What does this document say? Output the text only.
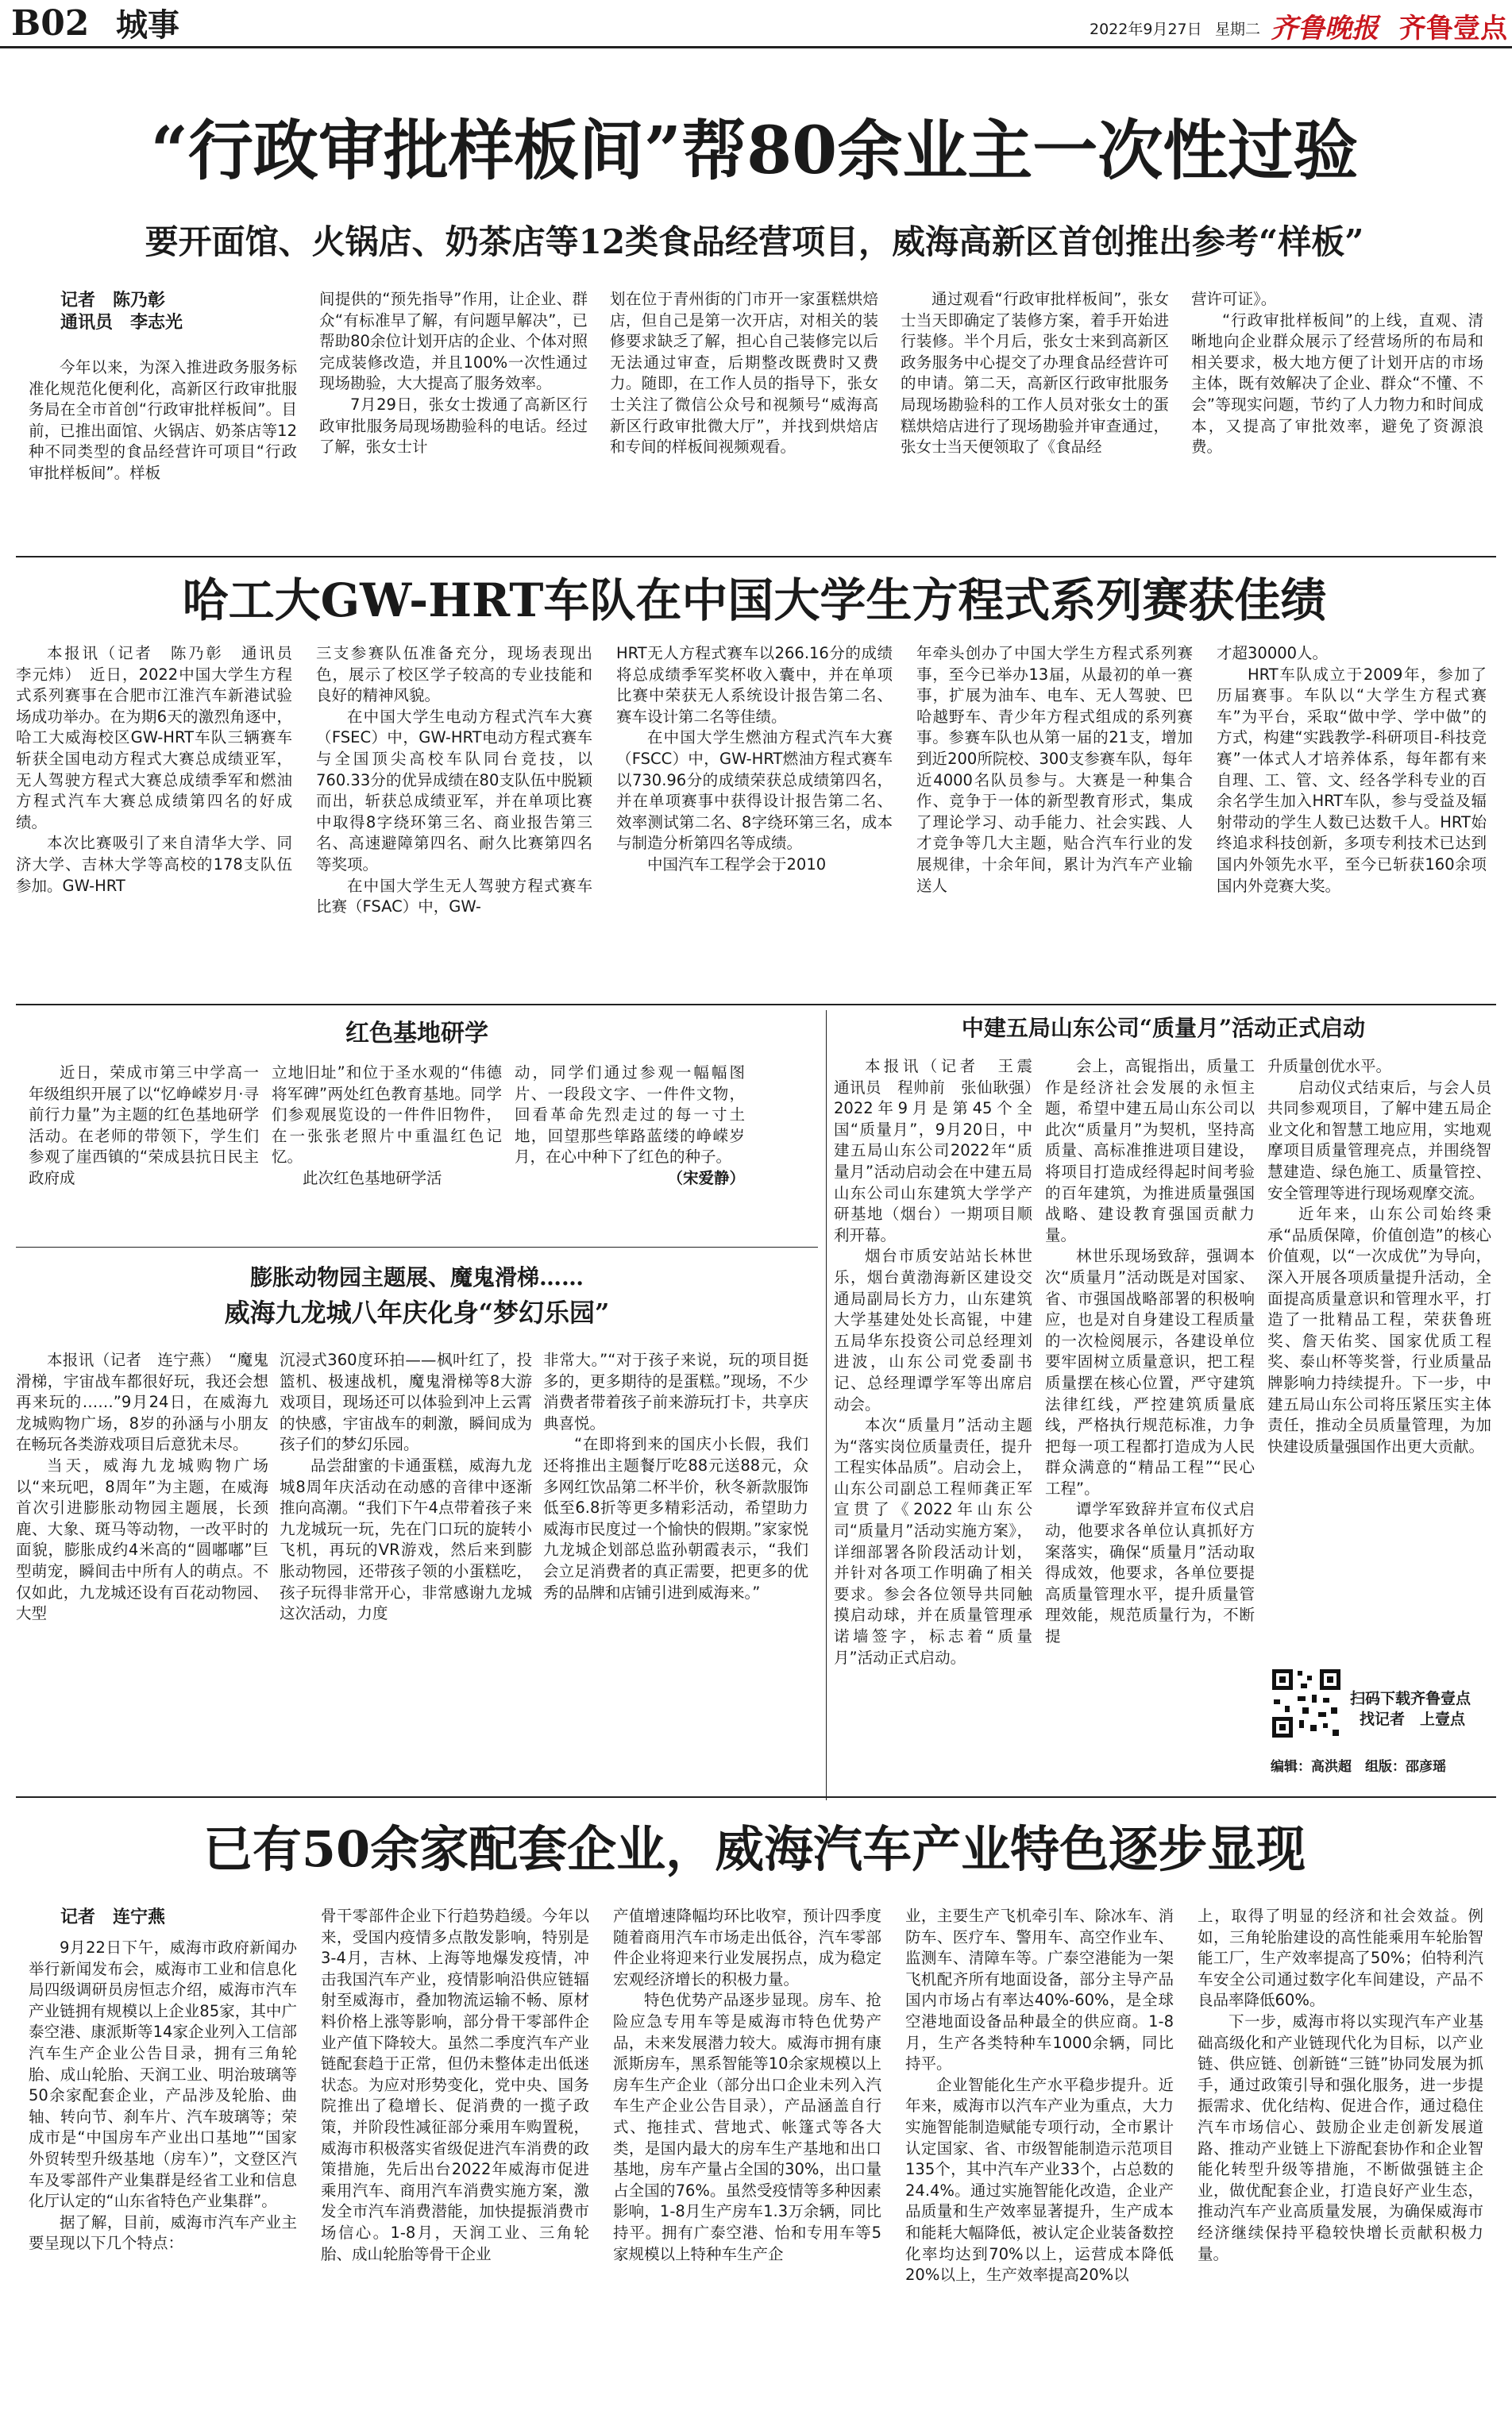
B02 城事	2022年9月27日 星期二 齐鲁晚报 齐鲁壹点
“行政审批样板间”帮80余业主一次性过验
要开面馆、火锅店、奶茶店等12类食品经营项目，威海高新区首创推出参考“样板”
记者　陈乃彰
通讯员　李志光

今年以来，为深入推进政务服务标准化规范化便利化，高新区行政审批服务局在全市首创“行政审批样板间”。目前，已推出面馆、火锅店、奶茶店等12种不同类型的食品经营许可项目“行政审批样板间”。样板

间提供的“预先指导”作用，让企业、群众“有标准早了解，有问题早解决”，已帮助80余位计划开店的企业、个体对照完成装修改造，并且100%一次性通过现场勘验，大大提高了服务效率。

7月29日，张女士拨通了高新区行政审批服务局现场勘验科的电话。经过了解，张女士计

划在位于青州街的门市开一家蛋糕烘焙店，但自己是第一次开店，对相关的装修要求缺乏了解，担心自己装修完以后无法通过审查，后期整改既费时又费力。随即，在工作人员的指导下，张女士关注了微信公众号和视频号“威海高新区行政审批微大厅”，并找到烘焙店和专间的样板间视频观看。

通过观看“行政审批样板间”，张女士当天即确定了装修方案，着手开始进行装修。半个月后，张女士来到高新区政务服务中心提交了办理食品经营许可的申请。第二天，高新区行政审批服务局现场勘验科的工作人员对张女士的蛋糕烘焙店进行了现场勘验并审查通过，张女士当天便领取了《食品经

营许可证》。

“行政审批样板间”的上线，直观、清晰地向企业群众展示了经营场所的布局和相关要求，极大地方便了计划开店的市场主体，既有效解决了企业、群众“不懂、不会”等现实问题，节约了人力物力和时间成本，又提高了审批效率，避免了资源浪费。

哈工大GW-HRT车队在中国大学生方程式系列赛获佳绩

本报讯（记者　陈乃彰　通讯员　李元炜）　近日，2022中国大学生方程式系列赛事在合肥市江淮汽车新港试验场成功举办。在为期6天的激烈角逐中，哈工大威海校区GW-HRT车队三辆赛车斩获全国电动方程式大赛总成绩亚军，无人驾驶方程式大赛总成绩季军和燃油方程式汽车大赛总成绩第四名的好成绩。

本次比赛吸引了来自清华大学、同济大学、吉林大学等高校的178支队伍参加。GW-HRT

三支参赛队伍准备充分，现场表现出色，展示了校区学子较高的专业技能和良好的精神风貌。

在中国大学生电动方程式汽车大赛（FSEC）中，GW-HRT电动方程式赛车与全国顶尖高校车队同台竞技，以760.33分的优异成绩在80支队伍中脱颖而出，斩获总成绩亚军，并在单项比赛中取得8字绕环第三名、商业报告第三名、高速避障第四名、耐久比赛第四名等奖项。

在中国大学生无人驾驶方程式赛车比赛（FSAC）中，GW-

HRT无人方程式赛车以266.16分的成绩将总成绩季军奖杯收入囊中，并在单项比赛中荣获无人系统设计报告第二名、赛车设计第二名等佳绩。

在中国大学生燃油方程式汽车大赛（FSCC）中，GW-HRT燃油方程式赛车以730.96分的成绩荣获总成绩第四名，并在单项赛事中获得设计报告第二名、效率测试第二名、8字绕环第三名，成本与制造分析第四名等成绩。

中国汽车工程学会于2010

年牵头创办了中国大学生方程式系列赛事，至今已举办13届，从最初的单一赛事，扩展为油车、电车、无人驾驶、巴哈越野车、青少年方程式组成的系列赛事。参赛车队也从第一届的21支，增加到近200所院校、300支参赛车队，每年近4000名队员参与。大赛是一种集合作、竞争于一体的新型教育形式，集成了理论学习、动手能力、社会实践、人才竞争等几大主题，贴合汽车行业的发展规律，十余年间，累计为汽车产业输送人

才超30000人。

HRT车队成立于2009年，参加了历届赛事。车队以“大学生方程式赛车”为平台，采取“做中学、学中做”的方式，构建“实践教学-科研项目-科技竞赛”一体式人才培养体系，每年都有来自理、工、管、文、经各学科专业的百余名学生加入HRT车队，参与受益及辐射带动的学生人数已达数千人。HRT始终追求科技创新，多项专利技术已达到国内外领先水平，至今已斩获160余项国内外竞赛大奖。

红色基地研学

近日，荣成市第三中学高一年级组织开展了以“忆峥嵘岁月·寻前行力量”为主题的红色基地研学活动。在老师的带领下，学生们参观了崖西镇的“荣成县抗日民主政府成

立地旧址”和位于圣水观的“伟德将军碑”两处红色教育基地。同学们参观展览设的一件件旧物件，在一张张老照片中重温红色记忆。

此次红色基地研学活

动，同学们通过参观一幅幅图片、一段段文字、一件件文物，回看革命先烈走过的每一寸土地，回望那些筚路蓝缕的峥嵘岁月，在心中种下了红色的种子。

（宋爱静）
膨胀动物园主题展、魔鬼滑梯……
威海九龙城八年庆化身“梦幻乐园”

本报讯（记者　连宁燕）　“魔鬼滑梯，宇宙战车都很好玩，我还会想再来玩的……”9月24日，在威海九龙城购物广场，8岁的孙涵与小朋友在畅玩各类游戏项目后意犹未尽。

当天，威海九龙城购物广场以“来玩吧，8周年”为主题，在威海首次引进膨胀动物园主题展，长颈鹿、大象、斑马等动物，一改平时的面貌，膨胀成约4米高的“圆嘟嘟”巨型萌宠，瞬间击中所有人的萌点。不仅如此，九龙城还设有百花动物园、大型

沉浸式360度环拍——枫叶红了，投篮机、极速战机，魔鬼滑梯等8大游戏项目，现场还可以体验到冲上云霄的快感，宇宙战车的刺激，瞬间成为孩子们的梦幻乐园。

品尝甜蜜的卡通蛋糕，威海九龙城8周年庆活动在动感的音律中逐渐推向高潮。“我们下午4点带着孩子来九龙城玩一玩，先在门口玩的旋转小飞机，再玩的VR游戏，然后来到膨胀动物园，还带孩子领的小蛋糕吃，孩子玩得非常开心，非常感谢九龙城这次活动，力度

非常大。”“对于孩子来说，玩的项目挺多的，更多期待的是蛋糕。”现场，不少消费者带着孩子前来游玩打卡，共享庆典喜悦。

“在即将到来的国庆小长假，我们还将推出主题餐厅吃88元送88元，众多网红饮品第二杯半价，秋冬新款服饰低至6.8折等更多精彩活动，希望助力威海市民度过一个愉快的假期。”家家悦九龙城企划部总监孙朝霞表示，“我们会立足消费者的真正需要，把更多的优秀的品牌和店铺引进到威海来。”

中建五局山东公司“质量月”活动正式启动

本报讯（记者　王震　通讯员　程帅前　张仙耿强）　2022年9月是第45个全国“质量月”，9月20日，中建五局山东公司2022年“质量月”活动启动会在中建五局山东公司山东建筑大学学产研基地（烟台）一期项目顺利开幕。

烟台市质安站站长林世乐，烟台黄渤海新区建设交通局副局长方力，山东建筑大学基建处处长高锟，中建五局华东投资公司总经理刘进波，山东公司党委副书记、总经理谭学军等出席启动会。

本次“质量月”活动主题为“落实岗位质量责任，提升工程实体品质”。启动会上，山东公司副总工程师龚正军宣贯了《2022年山东公司“质量月”活动实施方案》，详细部署各阶段活动计划，并针对各项工作明确了相关要求。参会各位领导共同触摸启动球，并在质量管理承诺墙签字，标志着“质量月”活动正式启动。

会上，高锟指出，质量工作是经济社会发展的永恒主题，希望中建五局山东公司以此次“质量月”为契机，坚持高质量、高标准推进项目建设，将项目打造成经得起时间考验的百年建筑，为推进质量强国战略、建设教育强国贡献力量。

林世乐现场致辞，强调本次“质量月”活动既是对国家、省、市强国战略部署的积极响应，也是对自身建设工程质量的一次检阅展示，各建设单位要牢固树立质量意识，把工程质量摆在核心位置，严守建筑法律红线，严控建筑质量底线，严格执行规范标准，力争把每一项工程都打造成为人民群众满意的“精品工程”“民心工程”。

谭学军致辞并宣布仪式启动，他要求各单位认真抓好方案落实，确保“质量月”活动取得成效，他要求，各单位要提高质量管理水平，提升质量管理效能，规范质量行为，不断提

升质量创优水平。

启动仪式结束后，与会人员共同参观项目，了解中建五局企业文化和智慧工地应用，实地观摩项目质量管理亮点，并围绕智慧建造、绿色施工、质量管控、安全管理等进行现场观摩交流。

近年来，山东公司始终秉承“品质保障，价值创造”的核心价值观，以“一次成优”为导向，深入开展各项质量提升活动，全面提高质量意识和管理水平，打造了一批精品工程，荣获鲁班奖、詹天佑奖、国家优质工程奖、泰山杯等奖誉，行业质量品牌影响力持续提升。下一步，中建五局山东公司将压紧压实主体责任，推动全员质量管理，为加快建设质量强国作出更大贡献。

扫码下载齐鲁壹点
找记者　上壹点
编辑：高洪超　组版：邵彦瑶
已有50余家配套企业，威海汽车产业特色逐步显现
记者　连宁燕

9月22日下午，威海市政府新闻办举行新闻发布会，威海市工业和信息化局四级调研员房恒志介绍，威海市汽车产业链拥有规模以上企业85家，其中广泰空港、康派斯等14家企业列入工信部汽车生产企业公告目录，拥有三角轮胎、成山轮胎、天润工业、明治玻璃等50余家配套企业，产品涉及轮胎、曲轴、转向节、刹车片、汽车玻璃等；荣成市是“中国房车产业出口基地”“国家外贸转型升级基地（房车）”，文登区汽车及零部件产业集群是经省工业和信息化厅认定的“山东省特色产业集群”。

据了解，目前，威海市汽车产业主要呈现以下几个特点：

骨干零部件企业下行趋势趋缓。今年以来，受国内疫情多点散发影响，特别是3-4月，吉林、上海等地爆发疫情，冲击我国汽车产业，疫情影响沿供应链辐射至威海市，叠加物流运输不畅、原材料价格上涨等影响，部分骨干零部件企业产值下降较大。虽然二季度汽车产业链配套趋于正常，但仍未整体走出低迷状态。为应对形势变化，党中央、国务院推出了稳增长、促消费的一揽子政策，并阶段性减征部分乘用车购置税，威海市积极落实省级促进汽车消费的政策措施，先后出台2022年威海市促进乘用汽车、商用汽车消费实施方案，激发全市汽车消费潜能，加快提振消费市场信心。1-8月，天润工业、三角轮胎、成山轮胎等骨干企业

产值增速降幅均环比收窄，预计四季度随着商用汽车市场走出低谷，汽车零部件企业将迎来行业发展拐点，成为稳定宏观经济增长的积极力量。

特色优势产品逐步显现。房车、抢险应急专用车等是威海市特色优势产品，未来发展潜力较大。威海市拥有康派斯房车，黑系智能等10余家规模以上房车生产企业（部分出口企业未列入汽车生产企业公告目录），产品涵盖自行式、拖挂式、营地式、帐篷式等各大类，是国内最大的房车生产基地和出口基地，房车产量占全国的30%，出口量占全国的76%。虽然受疫情等多种因素影响，1-8月生产房车1.3万余辆，同比持平。拥有广泰空港、怡和专用车等5家规模以上特种车生产企

业，主要生产飞机牵引车、除冰车、消防车、医疗车、警用车、高空作业车、监测车、清障车等。广泰空港能为一架飞机配齐所有地面设备，部分主导产品国内市场占有率达40%-60%，是全球空港地面设备品种最全的供应商。1-8月，生产各类特种车1000余辆，同比持平。

企业智能化生产水平稳步提升。近年来，威海市以汽车产业为重点，大力实施智能制造赋能专项行动，全市累计认定国家、省、市级智能制造示范项目135个，其中汽车产业33个，占总数的24.4%。通过实施智能化改造，企业产品质量和生产效率显著提升，生产成本和能耗大幅降低，被认定企业装备数控化率均达到70%以上，运营成本降低20%以上，生产效率提高20%以

上，取得了明显的经济和社会效益。例如，三角轮胎建设的高性能乘用车轮胎智能工厂，生产效率提高了50%；伯特利汽车安全公司通过数字化车间建设，产品不良品率降低60%。

下一步，威海市将以实现汽车产业基础高级化和产业链现代化为目标，以产业链、供应链、创新链“三链”协同发展为抓手，通过政策引导和强化服务，进一步提振需求、优化结构、促进合作，通过稳住汽车市场信心、鼓励企业走创新发展道路、推动产业链上下游配套协作和企业智能化转型升级等措施，不断做强链主企业，做优配套企业，打造良好产业生态，推动汽车产业高质量发展，为确保威海市经济继续保持平稳较快增长贡献积极力量。
